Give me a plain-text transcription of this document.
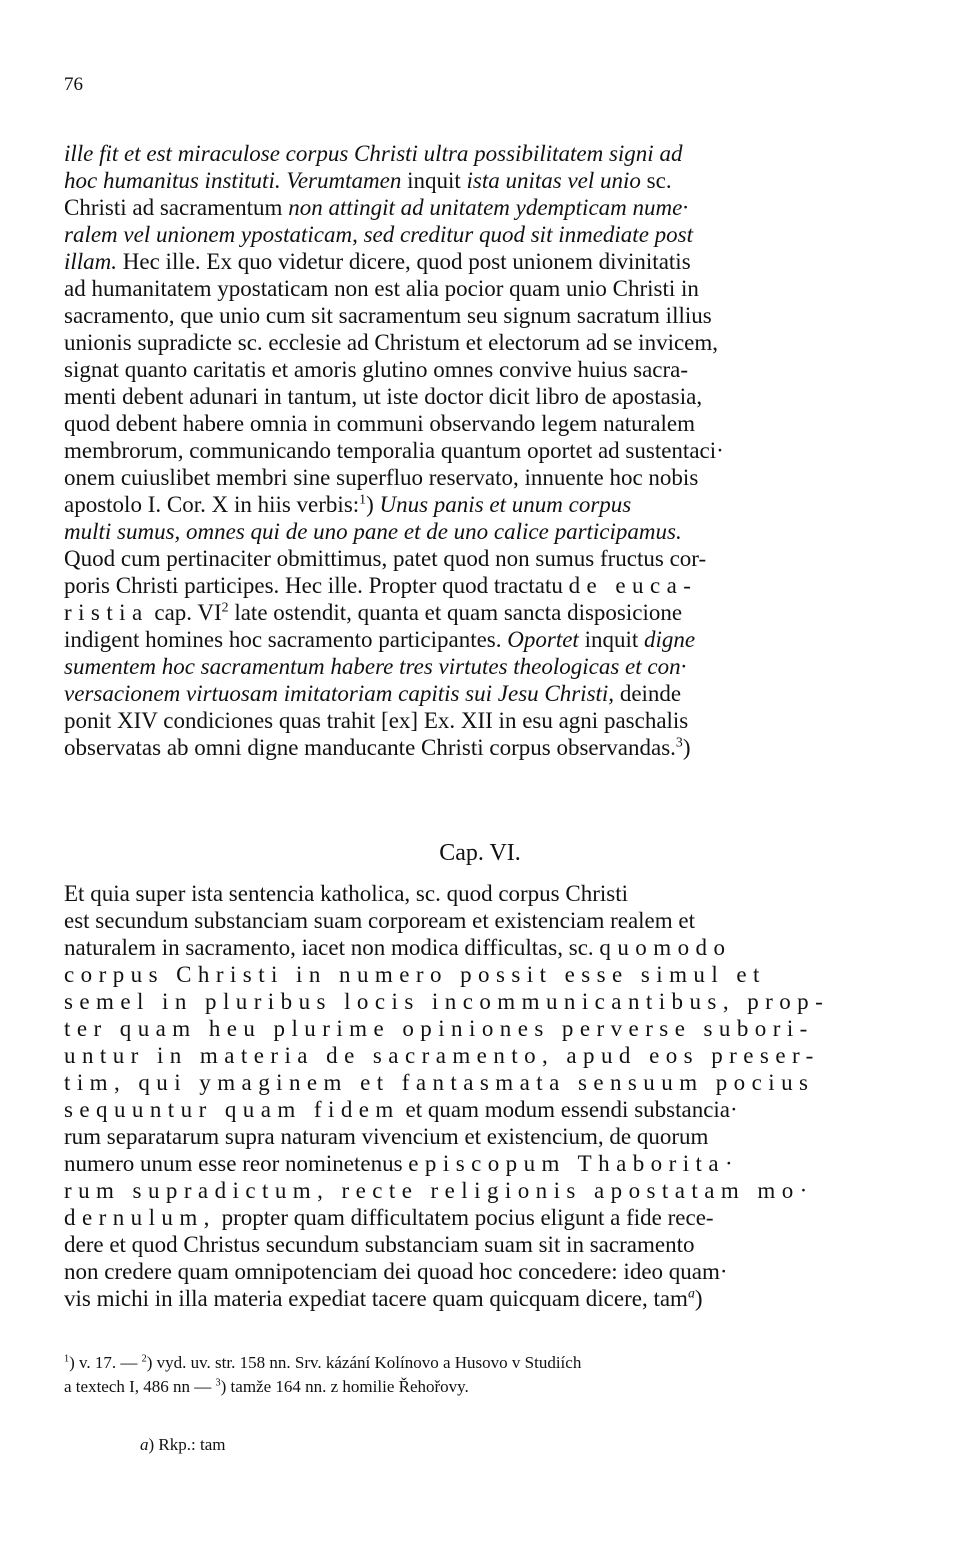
76
ille fit et est miraculose corpus Christi ultra possibilitatem signi ad
hoc humanitus instituti. Verumtamen inquit ista unitas vel unio sc.
Christi ad sacramentum non attingit ad unitatem ydempticam nume·
ralem vel unionem ypostaticam, sed creditur quod sit inmediate post
illam. Hec ille. Ex quo videtur dicere, quod post unionem divinitatis
ad humanitatem ypostaticam non est alia pocior quam unio Christi in
sacramento, que unio cum sit sacramentum seu signum sacratum illius
unionis supradicte sc. ecclesie ad Christum et electorum ad se invicem,
signat quanto caritatis et amoris glutino omnes convive huius sacra-
menti debent adunari in tantum, ut iste doctor dicit libro de apostasia,
quod debent habere omnia in communi observando legem naturalem
membrorum, communicando temporalia quantum oportet ad sustentaci·
onem cuiuslibet membri sine superfluo reservato, innuente hoc nobis
apostolo I. Cor. X in hiis verbis:$^1$) Unus panis et unum corpus
multi sumus, omnes qui de uno pane et de uno calice participamus.
Quod cum pertinaciter obmittimus, patet quod non sumus fructus cor-
poris Christi participes. Hec ille. Propter quod tractatu de euca-
ristia cap. $VI^2$ late ostendit, quanta et quam sancta disposicione
indigent homines hoc sacramento participantes. Oportet inquit digne
sumentem hoc sacramentum habere tres virtutes theologicas et con·
versacionem virtuosam imitatoriam capitis sui Jesu Christi, deinde
ponit XIV condiciones quas trahit [ex] Ex. XII in esu agni paschalis
observatas ab omni digne manducante Christi corpus observandas.$^3$)
Cap. VI.
Et quia super ista sentencia katholica, sc. quod corpus Christi
est secundum substanciam suam corpoream et existenciam realem et
naturalem in sacramento, iacet non modica difficultas, sc. quomodo
corpus Christi in numero possit esse simul et
semel in pluribus locis incommunicantibus, prop-
ter quam heu plurime opiniones perverse subori-
untur in materia de sacramento, apud eos preser-
tim, qui ymaginem et fantasmata sensuum pocius
sequuntur quam fidem et quam modum essendi substancia·
rum separatarum supra naturam vivencium et existencium, de quorum
numero unum esse reor nominetenus episcopum Thaborita·
rum supradictum, recte religionis apostatam mo·
dernulum, propter quam difficultatem pocius eligunt a fide rece-
dere et quod Christus secundum substanciam suam sit in sacramento
non credere quam omnipotenciam dei quoad hoc concedere: ideo quam·
vis michi in illa materia expediat tacere quam quicquam dicere, tam$^a$)
$^1$) v. 17. — $^2$) vyd. uv. str. 158 nn. Srv. kázání Kolínovo a Husovo v Studiích
a textech I, 486 nn — $^3$) tamže 164 nn. z homilie Řehořovy.
a) Rkp.: tam
